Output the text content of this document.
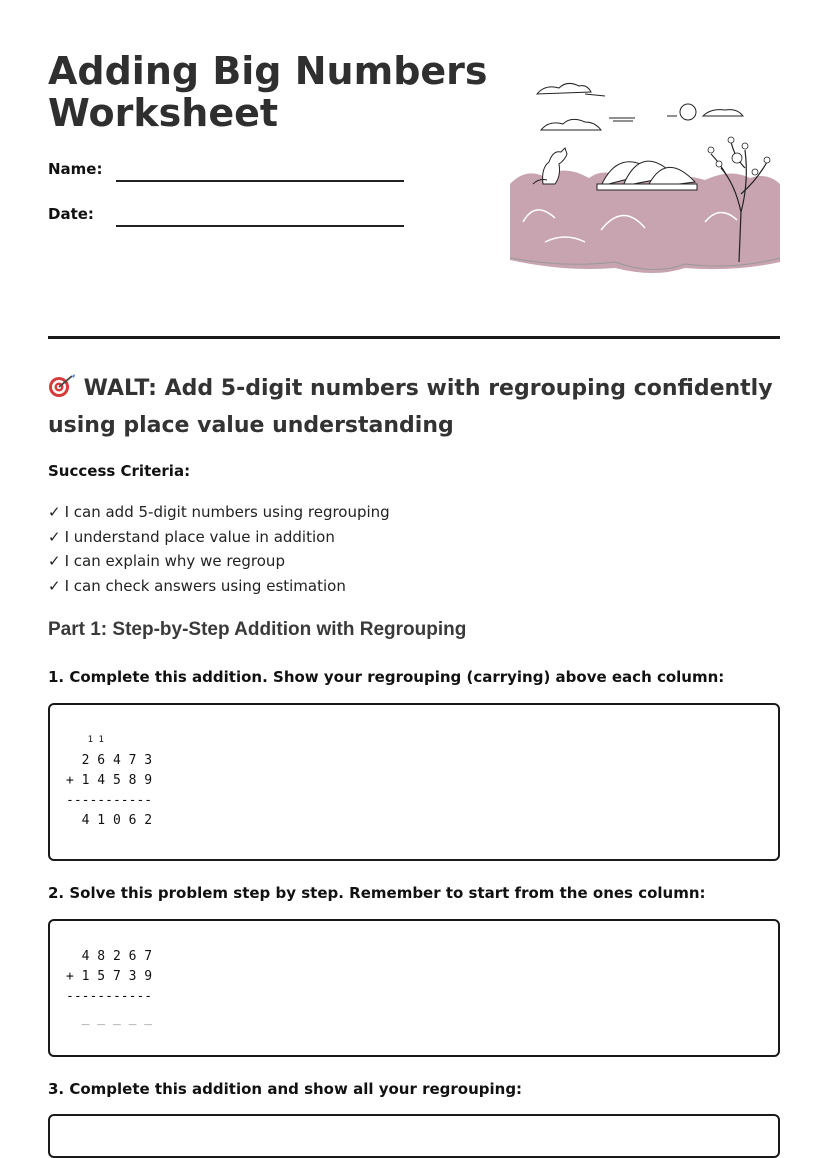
Adding Big Numbers
Worksheet
Name:
Date:
WALT: Add 5-digit numbers with regrouping confidently using place value understanding
Success Criteria:
✓ I can add 5-digit numbers using regrouping
✓ I understand place value in addition
✓ I can explain why we regroup
✓ I can check answers using estimation
Part 1: Step-by-Step Addition with Regrouping
1. Complete this addition. Show your regrouping (carrying) above each column:
1 1
2 6 4 7 3
+ 1 4 5 8 9
-----------
4 1 0 6 2
2. Solve this problem step by step. Remember to start from the ones column:
4 8 2 6 7
+ 1 5 7 3 9
-----------
_ _ _ _ _
3. Complete this addition and show all your regrouping:
